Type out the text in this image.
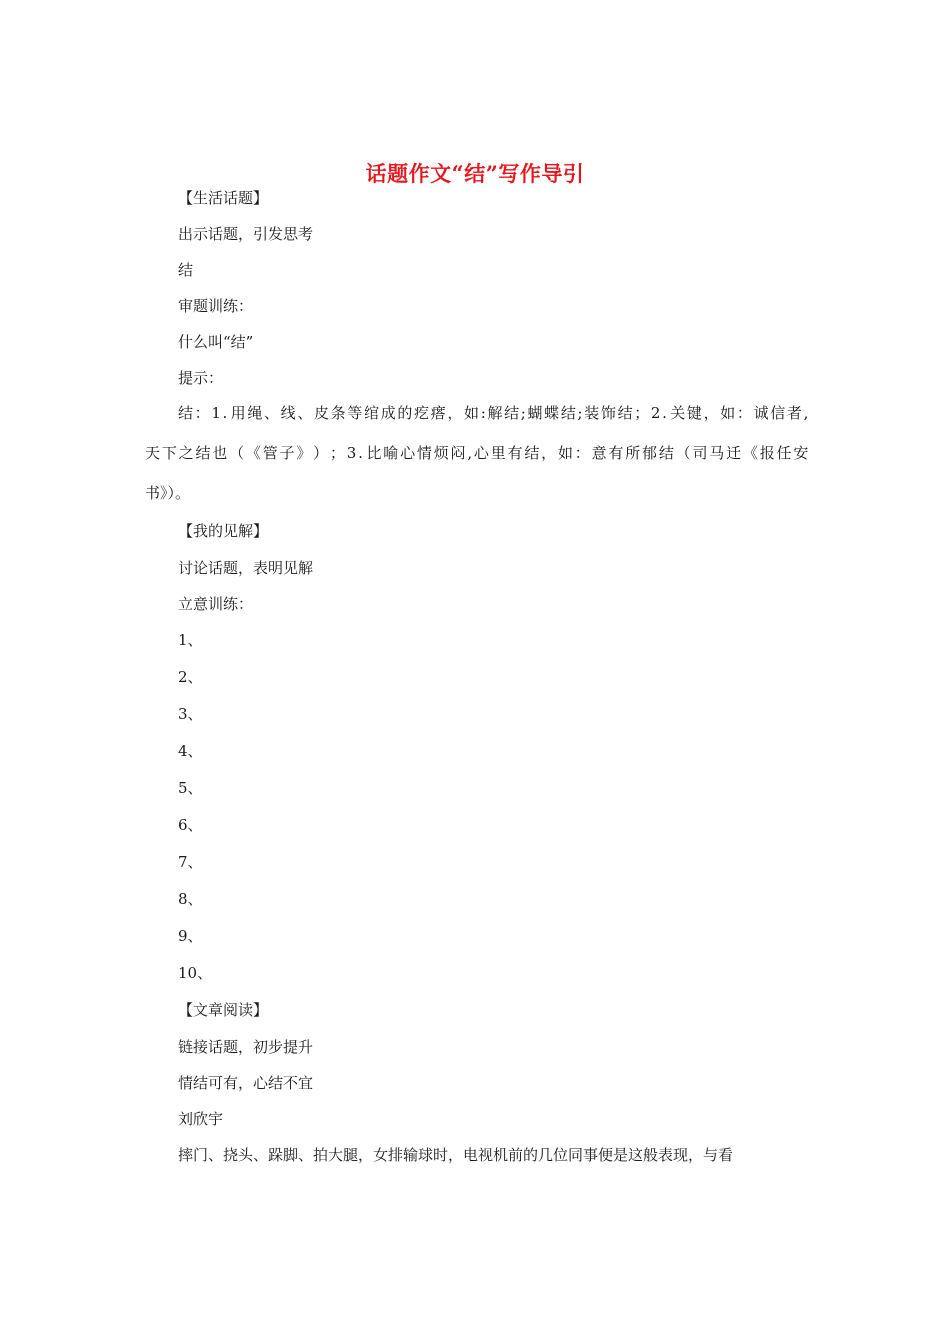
话题作文“结”写作导引
【生活话题】
出示话题，引发思考
结
审题训练：
什么叫“结”
提示：
结 ： 1 . 用 绳 、 线 、 皮 条 等 绾 成 的 疙 瘩 ， 如 : 解 结 ; 蝴 蝶 结 ; 装 饰 结 ； 2 . 关 键 ， 如 ： 诚 信 者 ,
天 下 之 结 也 （ 《 管 子 》 ） ； 3 . 比 喻 心 情 烦 闷 , 心 里 有 结 ， 如 ： 意 有 所 郁 结 （ 司 马 迁 《 报 任 安
书》）。
【我的见解】
讨论话题，表明见解
立意训练：
1、
2、
3、
4、
5、
6、
7、
8、
9、
10、
【文章阅读】
链接话题，初步提升
情结可有，心结不宜
刘欣宇
摔门、挠头、跺脚、拍大腿，女排输球时，电视机前的几位同事便是这般表现，与看
